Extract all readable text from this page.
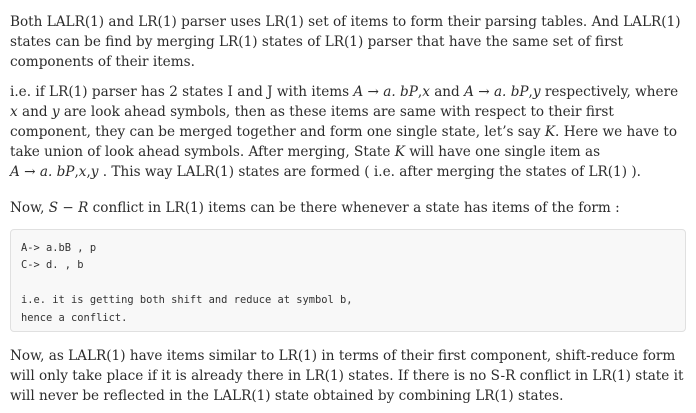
Both LALR(1) and LR(1) parser uses LR(1) set of items to form their parsing tables. And LALR(1) states can be find by merging LR(1) states of LR(1) parser that have the same set of first components of their items.

i.e. if LR(1) parser has 2 states I and J with items A → a. bP,x and A → a. bP,y respectively, where x and y are look ahead symbols, then as these items are same with respect to their first component, they can be merged together and form one single state, let’s say K. Here we have to take union of look ahead symbols. After merging, State K will have one single item as A → a. bP,x,y . This way LALR(1) states are formed ( i.e. after merging the states of LR(1) ).

Now, S − R conflict in LR(1) items can be there whenever a state has items of the form :

A-> a.bB , p
C-> d. , b
i.e. it is getting both shift and reduce at symbol b,
hence a conflict.

Now, as LALR(1) have items similar to LR(1) in terms of their first component, shift-reduce form will only take place if it is already there in LR(1) states. If there is no S-R conflict in LR(1) state it will never be reflected in the LALR(1) state obtained by combining LR(1) states.
